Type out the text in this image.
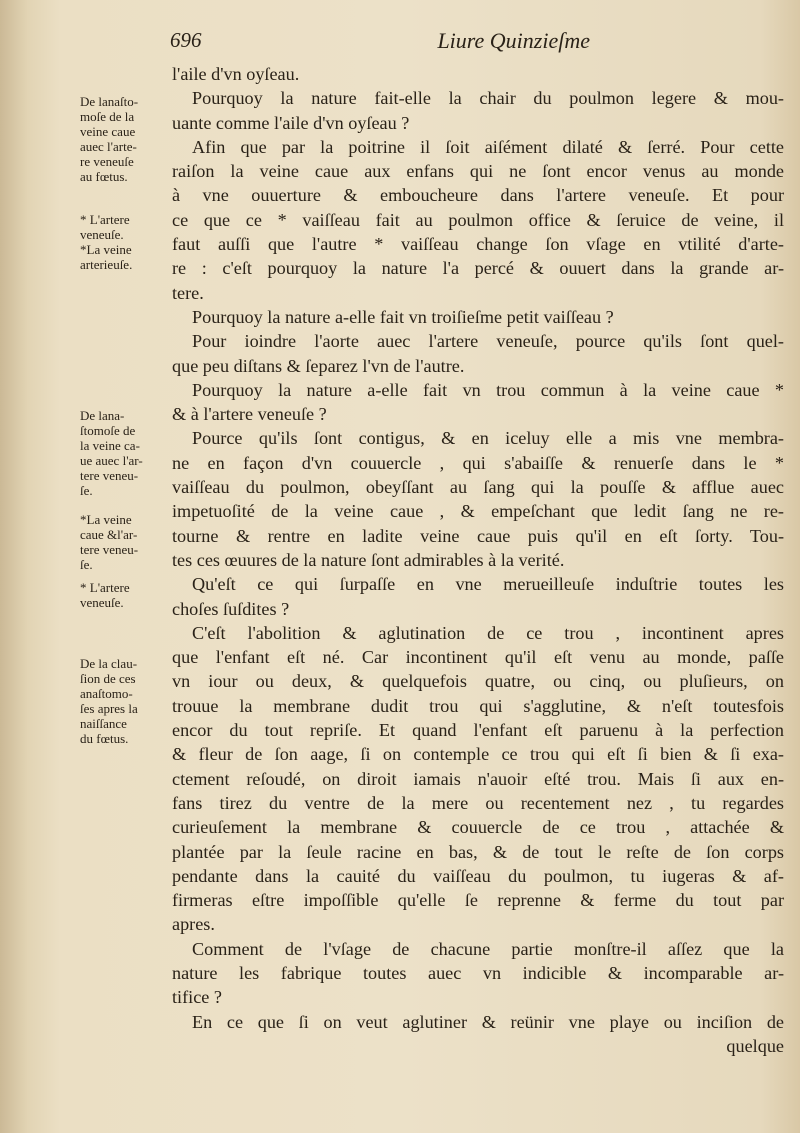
696	Liure Quinzieſme
De lanaſto-
moſe de la
veine caue
auec l'arte-
re veneuſe
au fœtus.
* L'artere
veneuſe.
*La veine
arterieuſe.
De lana-
ſtomoſe de
la veine ca-
ue auec l'ar-
tere veneu-
ſe.
*La veine
caue &l'ar-
tere veneu-
ſe.
* L'artere
veneuſe.
De la clau-
ſion de ces
anaſtomo-
ſes apres la
naiſſance
du fœtus.
l'aile d'vn oyſeau.
Pourquoy la nature fait-elle la chair du poulmon legere & mou-
uante comme l'aile d'vn oyſeau ?
Afin que par la poitrine il ſoit aiſément dilaté & ſerré. Pour cette
raiſon la veine caue aux enfans qui ne ſont encor venus au monde
à vne ouuerture & emboucheure dans l'artere veneuſe. Et pour
ce que ce * vaiſſeau fait au poulmon office & ſeruice de veine, il
faut auſſi que l'autre * vaiſſeau change ſon vſage en vtilité d'arte-
re : c'eſt pourquoy la nature l'a percé & ouuert dans la grande ar-
tere.
Pourquoy la nature a-elle fait vn troiſieſme petit vaiſſeau ?
Pour ioindre l'aorte auec l'artere veneuſe, pource qu'ils ſont quel-
que peu diſtans & ſeparez l'vn de l'autre.
Pourquoy la nature a-elle fait vn trou commun à la veine caue *
& à l'artere veneuſe ?
Pource qu'ils ſont contigus, & en iceluy elle a mis vne membra-
ne en façon d'vn couuercle , qui s'abaiſſe & renuerſe dans le *
vaiſſeau du poulmon, obeyſſant au ſang qui la pouſſe & afflue auec
impetuoſité de la veine caue , & empeſchant que ledit ſang ne re-
tourne & rentre en ladite veine caue puis qu'il en eſt ſorty. Tou-
tes ces œuures de la nature ſont admirables à la verité.
Qu'eſt ce qui ſurpaſſe en vne merueilleuſe induſtrie toutes les
choſes ſuſdites ?
C'eſt l'abolition & aglutination de ce trou , incontinent apres
que l'enfant eſt né. Car incontinent qu'il eſt venu au monde, paſſe
vn iour ou deux, & quelquefois quatre, ou cinq, ou pluſieurs, on
trouue la membrane dudit trou qui s'agglutine, & n'eſt toutesfois
encor du tout repriſe. Et quand l'enfant eſt paruenu à la perfection
& fleur de ſon aage, ſi on contemple ce trou qui eſt ſi bien & ſi exa-
ctement reſoudé, on diroit iamais n'auoir eſté trou. Mais ſi aux en-
fans tirez du ventre de la mere ou recentement nez , tu regardes
curieuſement la membrane & couuercle de ce trou , attachée &
plantée par la ſeule racine en bas, & de tout le reſte de ſon corps
pendante dans la cauité du vaiſſeau du poulmon, tu iugeras & af-
firmeras eſtre impoſſible qu'elle ſe reprenne & ferme du tout par
apres.
Comment de l'vſage de chacune partie monſtre-il aſſez que la
nature les fabrique toutes auec vn indicible & incomparable ar-
tifice ?
En ce que ſi on veut aglutiner & reünir vne playe ou inciſion de
quelque
